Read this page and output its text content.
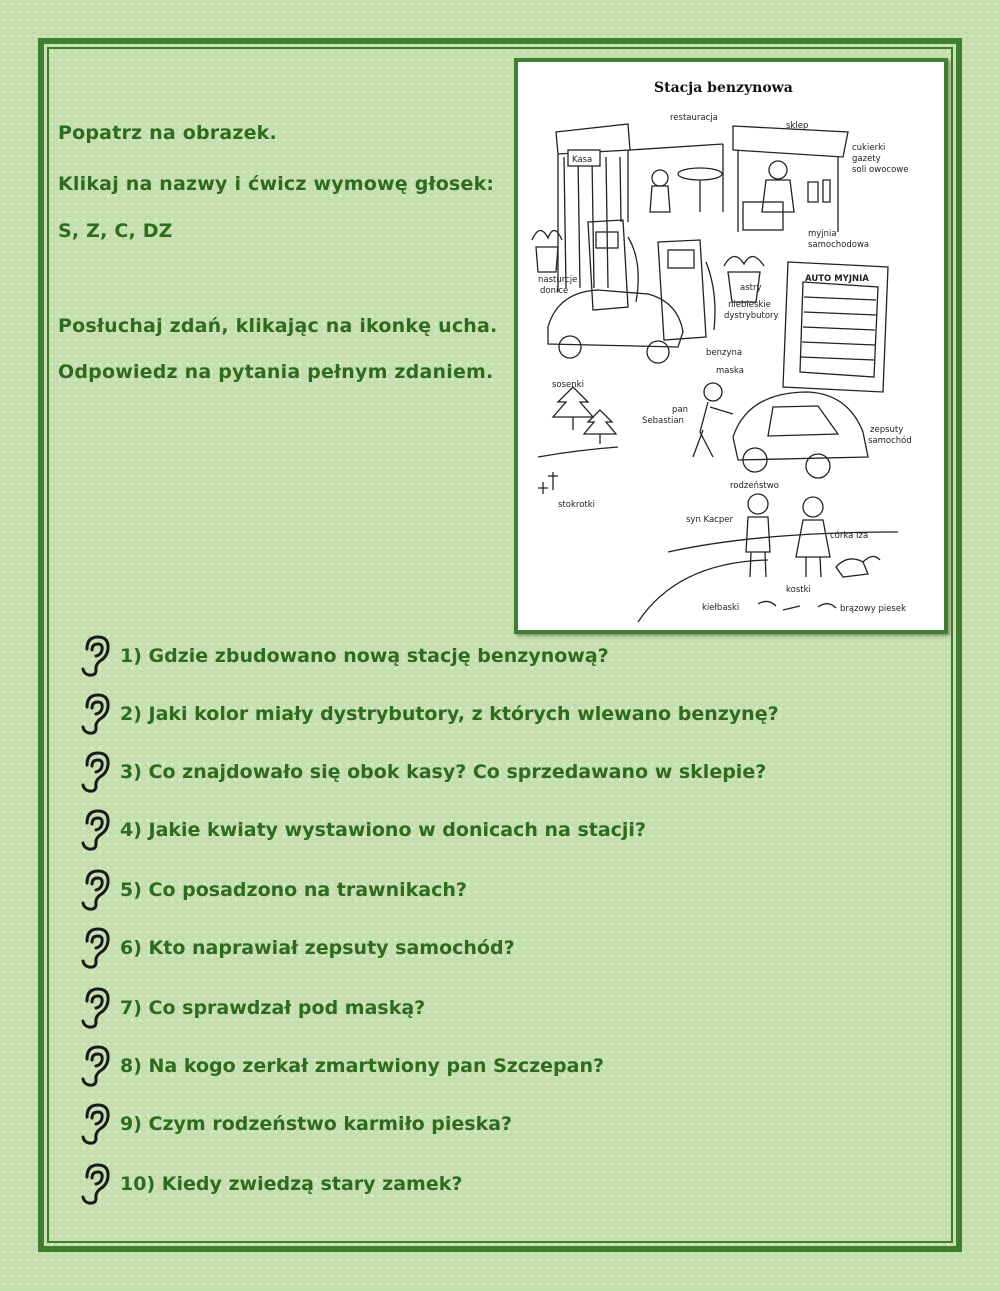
Popatrz na obrazek.

Klikaj na nazwy i ćwicz wymowę głosek:

S, Z, C, DZ

Posłuchaj zdań, klikając na ikonkę ucha.

Odpowiedz na pytania pełnym zdaniem.

Stacja benzynowa
Kasa
AUTO MYJNIA
restauracja
sklep
cukierki
gazety
soli owocowe
myjnia
samochodowa
nasturcje
donice	astry
niebieskie
dystrybutory
benzyna
maska
sosenki
pan
Sebastian
zepsuty
samochód
rodzeństwo
stokrotki
syn Kacper
córka Iza
kostki
kiełbaski	brązowy piesek
1) Gdzie zbudowano nową stację benzynową?
2) Jaki kolor miały dystrybutory, z których wlewano benzynę?
3) Co znajdowało się obok kasy? Co sprzedawano w sklepie?
4) Jakie kwiaty wystawiono w donicach na stacji?
5) Co posadzono na trawnikach?
6) Kto naprawiał zepsuty samochód?
7) Co sprawdzał pod maską?
8) Na kogo zerkał zmartwiony pan Szczepan?
9) Czym rodzeństwo karmiło pieska?
10) Kiedy zwiedzą stary zamek?
